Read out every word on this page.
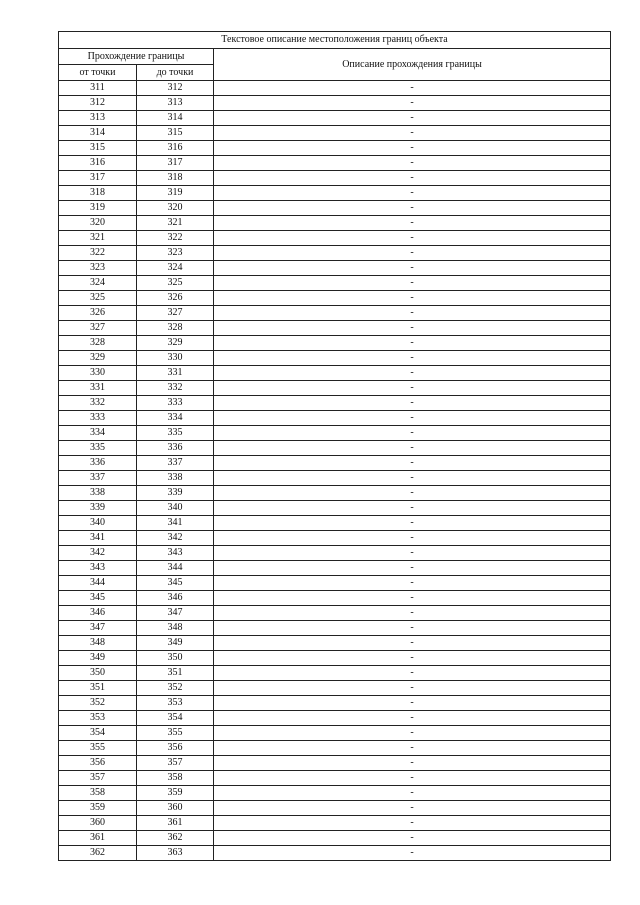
Текстовое описание местоположения границ объекта		
Прохождение границы		Описание прохождения границы
от точки	до точки	
311	312	-
312	313	-
313	314	-
314	315	-
315	316	-
316	317	-
317	318	-
318	319	-
319	320	-
320	321	-
321	322	-
322	323	-
323	324	-
324	325	-
325	326	-
326	327	-
327	328	-
328	329	-
329	330	-
330	331	-
331	332	-
332	333	-
333	334	-
334	335	-
335	336	-
336	337	-
337	338	-
338	339	-
339	340	-
340	341	-
341	342	-
342	343	-
343	344	-
344	345	-
345	346	-
346	347	-
347	348	-
348	349	-
349	350	-
350	351	-
351	352	-
352	353	-
353	354	-
354	355	-
355	356	-
356	357	-
357	358	-
358	359	-
359	360	-
360	361	-
361	362	-
362	363	-
